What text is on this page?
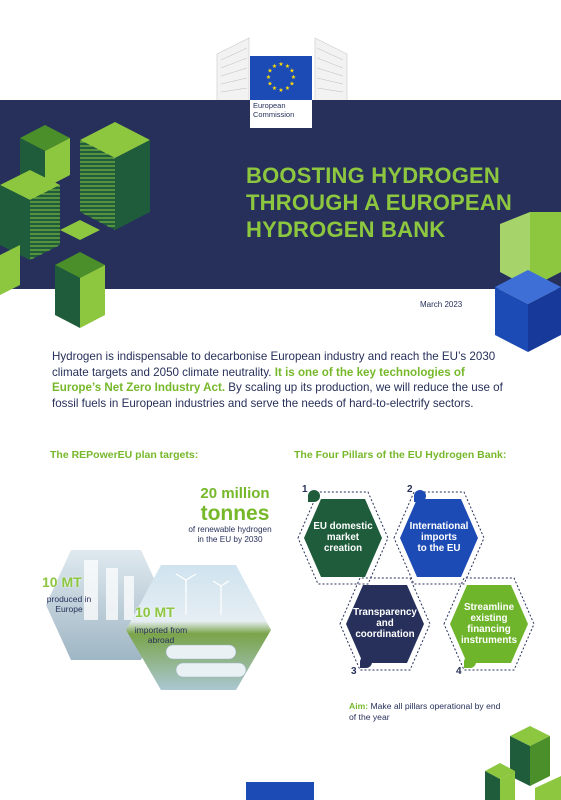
★ ★
★
★
★
★
★
★
★
★
★
★
European
Commission
BOOSTING HYDROGEN
THROUGH A EUROPEAN
HYDROGEN BANK
March 2023
Hydrogen is indispensable to decarbonise European industry and reach the EU’s 2030 climate targets and 2050 climate neutrality. It is one of the key technologies of Europe’s Net Zero Industry Act. By scaling up its production, we will reduce the use of fossil fuels in European industries and serve the needs of hard-to-electrify sectors.
The REPowerEU plan targets:	The Four Pillars of the EU Hydrogen Bank:
20 million
tonnes
of renewable hydrogen
in the EU by 2030
10 MT
produced in
Europe	10 MT
imported from
abroad
1	2
3	4
EU domestic
market
creation
International
imports
to the EU
Transparency
and
coordination
Streamline
existing
financing
instruments
Aim: Make all pillars operational by end of the year
